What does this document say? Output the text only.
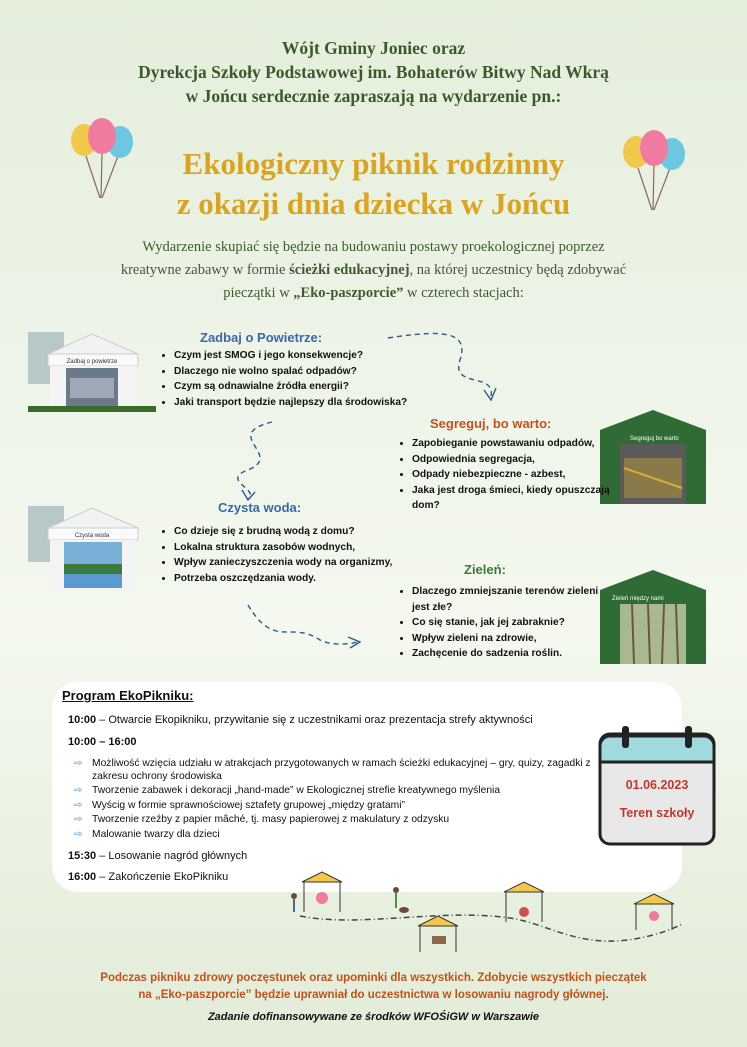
Wójt Gminy Joniec oraz
Dyrekcja Szkoły Podstawowej im. Bohaterów Bitwy Nad Wkrą
w Jońcu serdecznie zapraszają na wydarzenie pn.:
Ekologiczny piknik rodzinny
z okazji dnia dziecka w Jońcu
Wydarzenie skupiać się będzie na budowaniu postawy proekologicznej poprzez
kreatywne zabawy w formie ścieżki edukacyjnej, na której uczestnicy będą zdobywać
pieczątki w „Eko-paszporcie” w czterech stacjach:
Zadbaj o powietrze
Zadbaj o Powietrze:
• Czym jest SMOG i jego konsekwencje?
• Dlaczego nie wolno spalać odpadów?
• Czym są odnawialne źródła energii?
• Jaki transport będzie najlepszy dla środowiska?
Segreguj bo warto
Segreguj, bo warto:
• Zapobieganie powstawaniu odpadów,
• Odpowiednia segregacja,
• Odpady niebezpieczne - azbest,
• Jaka jest droga śmieci, kiedy opuszczają dom?
Czysta woda
Czysta woda:
• Co dzieje się z brudną wodą z domu?
• Lokalna struktura zasobów wodnych,
• Wpływ zanieczyszczenia wody na organizmy,
• Potrzeba oszczędzania wody.
Zieleń między nami
Zieleń:
• Dlaczego zmniejszanie terenów zieleni jest złe?
• Co się stanie, jak jej zabraknie?
• Wpływ zieleni na zdrowie,
• Zachęcenie do sadzenia roślin.
Program EkoPikniku:
10:00 – Otwarcie Ekopikniku, przywitanie się z uczestnikami oraz prezentacja strefy aktywności
10:00 – 16:00
⇨ Możliwość wzięcia udziału w atrakcjach przygotowanych w ramach ścieżki edukacyjnej – gry, quizy, zagadki z zakresu ochrony środowiska
⇨ Tworzenie zabawek i dekoracji „hand-made” w Ekologicznej strefie kreatywnego myślenia
⇨ Wyścig w formie sprawnościowej sztafety grupowej „między gratami”
⇨ Tworzenie rzeźby z papier mâché, tj. masy papierowej z makulatury z odzysku
⇨ Malowanie twarzy dla dzieci
15:30 – Losowanie nagród głównych
16:00 – Zakończenie EkoPikniku
01.06.2023
Teren szkoły
Podczas pikniku zdrowy poczęstunek oraz upominki dla wszystkich. Zdobycie wszystkich pieczątek
na „Eko-paszporcie” będzie uprawniał do uczestnictwa w losowaniu nagrody głównej.
Zadanie dofinansowywane ze środków WFOŚiGW w Warszawie
